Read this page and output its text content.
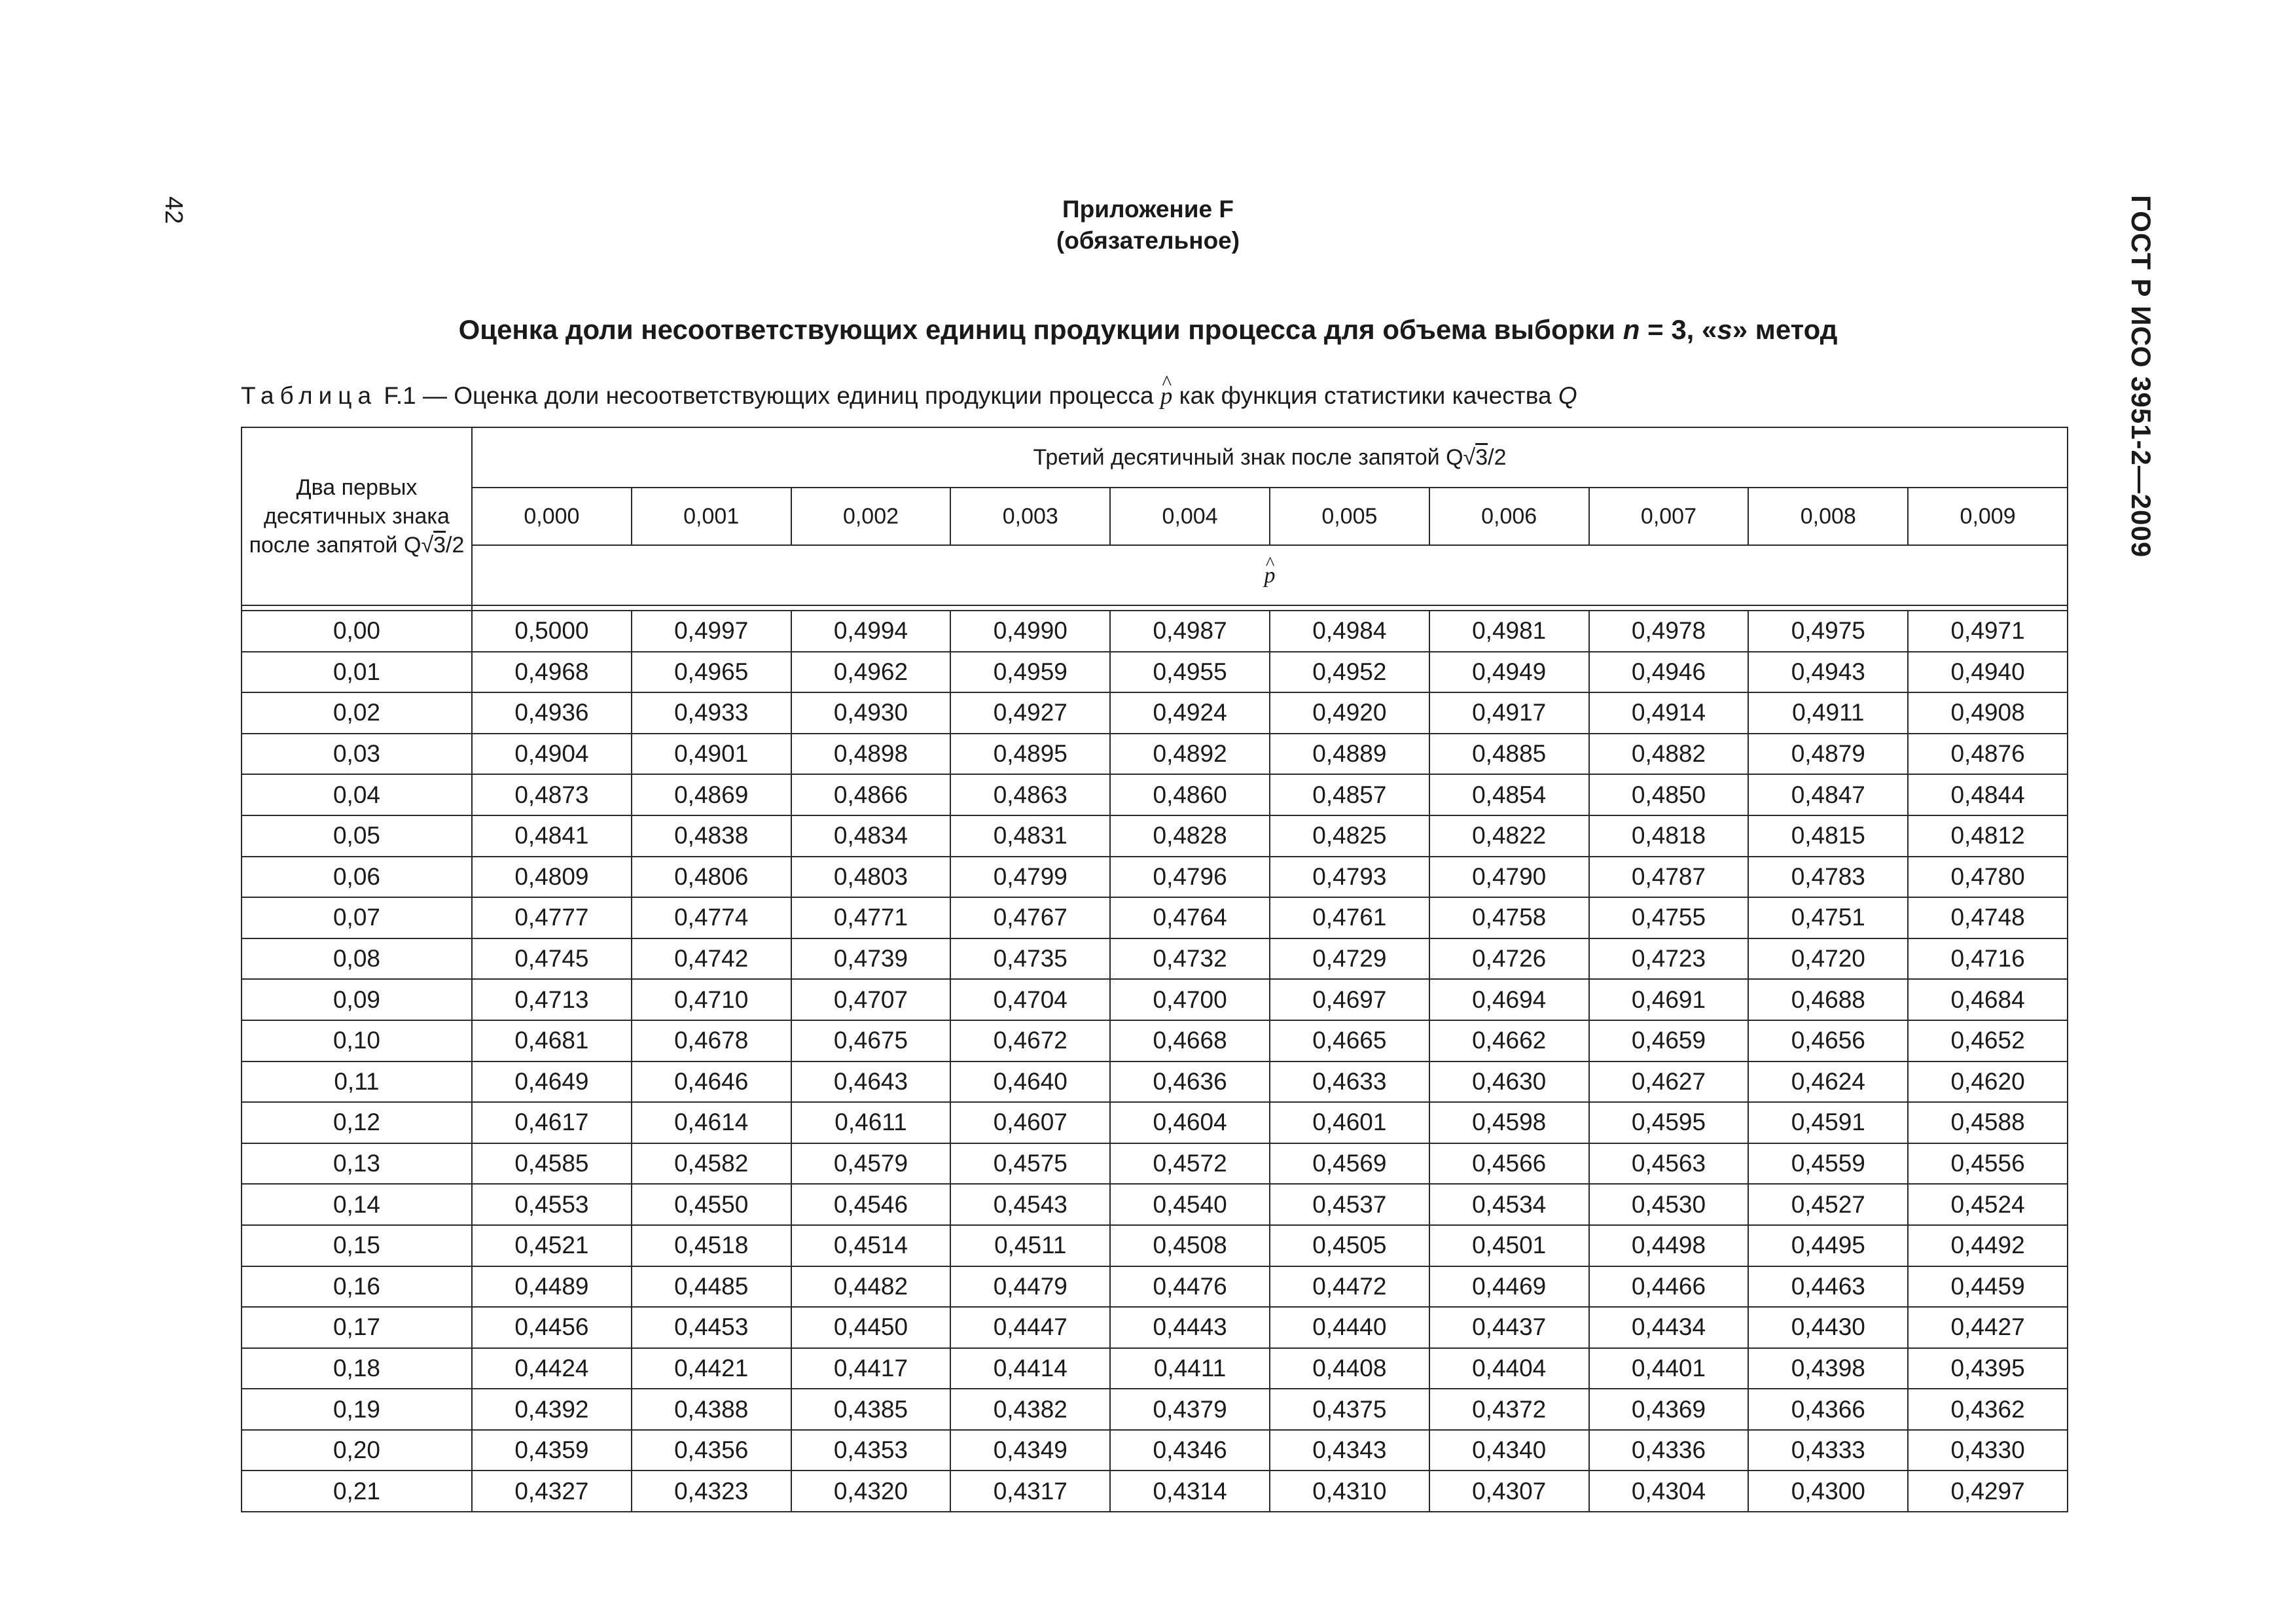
42	ГОСТ Р ИСО 3951-2—2009
Приложение F
(обязательное)
Оценка доли несоответствующих единиц продукции процесса для объема выборки n = 3, «s» метод
Таблица F.1 — Оценка доли несоответствующих единиц продукции процесса ^ p как функция статистики качества Q
Два первых
десятичных знака
после запятой Q√3/2	Третий десятичный знак после запятой Q√3/2									
	0,000	0,001	0,002	0,003	0,004	0,005	0,006	0,007	0,008	0,009
	^ p

0,00	0,5000	0,4997	0,4994	0,4990	0,4987	0,4984	0,4981	0,4978	0,4975	0,4971
0,01	0,4968	0,4965	0,4962	0,4959	0,4955	0,4952	0,4949	0,4946	0,4943	0,4940
0,02	0,4936	0,4933	0,4930	0,4927	0,4924	0,4920	0,4917	0,4914	0,4911	0,4908
0,03	0,4904	0,4901	0,4898	0,4895	0,4892	0,4889	0,4885	0,4882	0,4879	0,4876
0,04	0,4873	0,4869	0,4866	0,4863	0,4860	0,4857	0,4854	0,4850	0,4847	0,4844
0,05	0,4841	0,4838	0,4834	0,4831	0,4828	0,4825	0,4822	0,4818	0,4815	0,4812
0,06	0,4809	0,4806	0,4803	0,4799	0,4796	0,4793	0,4790	0,4787	0,4783	0,4780
0,07	0,4777	0,4774	0,4771	0,4767	0,4764	0,4761	0,4758	0,4755	0,4751	0,4748
0,08	0,4745	0,4742	0,4739	0,4735	0,4732	0,4729	0,4726	0,4723	0,4720	0,4716
0,09	0,4713	0,4710	0,4707	0,4704	0,4700	0,4697	0,4694	0,4691	0,4688	0,4684
0,10	0,4681	0,4678	0,4675	0,4672	0,4668	0,4665	0,4662	0,4659	0,4656	0,4652
0,11	0,4649	0,4646	0,4643	0,4640	0,4636	0,4633	0,4630	0,4627	0,4624	0,4620
0,12	0,4617	0,4614	0,4611	0,4607	0,4604	0,4601	0,4598	0,4595	0,4591	0,4588
0,13	0,4585	0,4582	0,4579	0,4575	0,4572	0,4569	0,4566	0,4563	0,4559	0,4556
0,14	0,4553	0,4550	0,4546	0,4543	0,4540	0,4537	0,4534	0,4530	0,4527	0,4524
0,15	0,4521	0,4518	0,4514	0,4511	0,4508	0,4505	0,4501	0,4498	0,4495	0,4492
0,16	0,4489	0,4485	0,4482	0,4479	0,4476	0,4472	0,4469	0,4466	0,4463	0,4459
0,17	0,4456	0,4453	0,4450	0,4447	0,4443	0,4440	0,4437	0,4434	0,4430	0,4427
0,18	0,4424	0,4421	0,4417	0,4414	0,4411	0,4408	0,4404	0,4401	0,4398	0,4395
0,19	0,4392	0,4388	0,4385	0,4382	0,4379	0,4375	0,4372	0,4369	0,4366	0,4362
0,20	0,4359	0,4356	0,4353	0,4349	0,4346	0,4343	0,4340	0,4336	0,4333	0,4330
0,21	0,4327	0,4323	0,4320	0,4317	0,4314	0,4310	0,4307	0,4304	0,4300	0,4297
